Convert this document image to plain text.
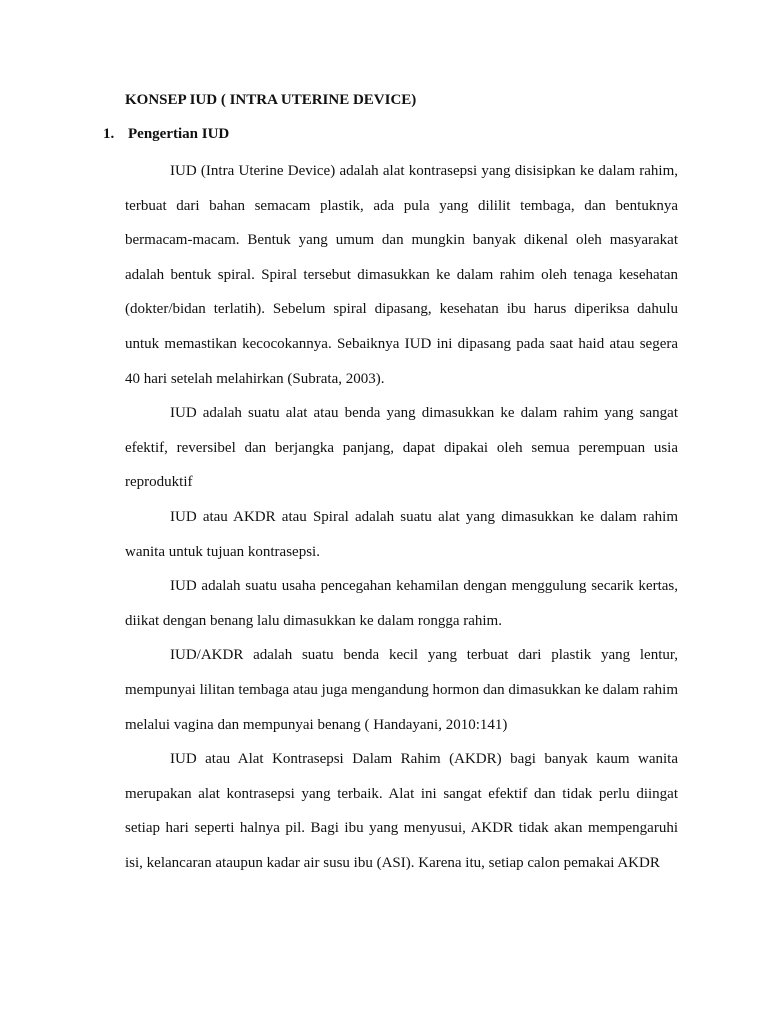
KONSEP IUD ( INTRA UTERINE DEVICE)
1. Pengertian IUD

IUD (Intra Uterine Device) adalah alat kontrasepsi yang disisipkan ke dalam rahim, terbuat dari bahan semacam plastik, ada pula yang dililit tembaga, dan bentuknya bermacam-macam. Bentuk yang umum dan mungkin banyak dikenal oleh masyarakat adalah bentuk spiral. Spiral tersebut dimasukkan ke dalam rahim oleh tenaga kesehatan (dokter/bidan terlatih). Sebelum spiral dipasang, kesehatan ibu harus diperiksa dahulu untuk memastikan kecocokannya. Sebaiknya IUD ini dipasang pada saat haid atau segera 40 hari setelah melahirkan (Subrata, 2003).

IUD adalah suatu alat atau benda yang dimasukkan ke dalam rahim yang sangat efektif, reversibel dan berjangka panjang, dapat dipakai oleh semua perempuan usia reproduktif

IUD atau AKDR atau Spiral adalah suatu alat yang dimasukkan ke dalam rahim wanita untuk tujuan kontrasepsi.

IUD adalah suatu usaha pencegahan kehamilan dengan menggulung secarik kertas, diikat dengan benang lalu dimasukkan ke dalam rongga rahim.

IUD/AKDR adalah suatu benda kecil yang terbuat dari plastik yang lentur, mempunyai lilitan tembaga atau juga mengandung hormon dan dimasukkan ke dalam rahim melalui vagina dan mempunyai benang ( Handayani, 2010:141)

IUD atau Alat Kontrasepsi Dalam Rahim (AKDR) bagi banyak kaum wanita merupakan alat kontrasepsi yang terbaik. Alat ini sangat efektif dan tidak perlu diingat setiap hari seperti halnya pil. Bagi ibu yang menyusui, AKDR tidak akan mempengaruhi isi, kelancaran ataupun kadar air susu ibu (ASI). Karena itu, setiap calon pemakai AKDR
